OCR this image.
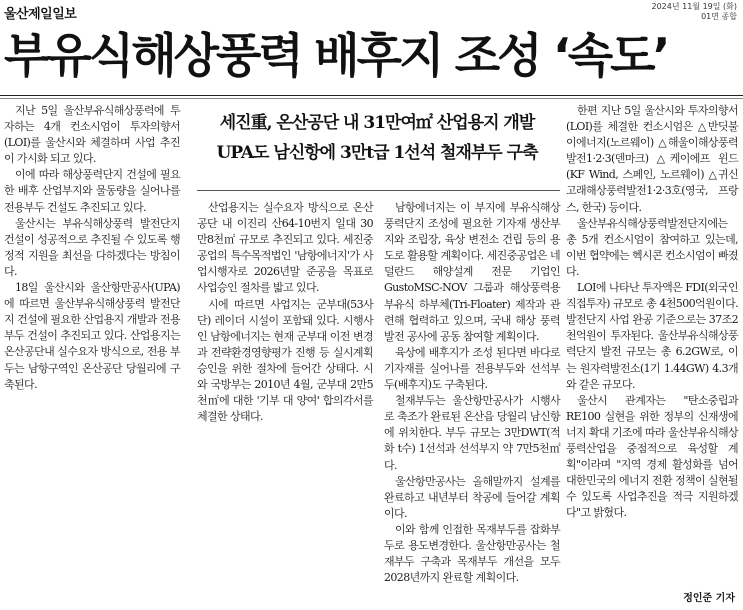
울산제일일보
2024년 11월 19일 (화)
01면 종합
부유식해상풍력 배후지 조성 ‘속도’

지난 5일 울산부유식해상풍력에 투자하는 4개 컨소시엄이 투자의향서(LOI)를 울산시와 체결하며 사업 추진이 가시화 되고 있다.

이에 따라 해상풍력단지 건설에 필요한 배후 산업부지와 물동량을 실어나를 전용부두 건설도 추진되고 있다.

울산시는 부유식해상풍력 발전단지 건설이 성공적으로 추진될 수 있도록 행정적 지원을 최선을 다하겠다는 방침이다.

18일 울산시와 울산항만공사(UPA)에 따르면 울산부유식해상풍력 발전단지 건설에 필요한 산업용지 개발과 전용 부두 건설이 추진되고 있다. 산업용지는 온산공단내 실수요자 방식으로, 전용 부두는 남항구역인 온산공단 당월리에 구축된다.

세진重, 온산공단 내 31만여㎡ 산업용지 개발
UPA도 남신항에 3만t급 1선석 철재부두 구축

산업용지는 실수요자 방식으로 온산공단 내 이진리 산64-10번지 일대 30만8천㎡ 규모로 추진되고 있다. 세진중공업의 특수목적법인 '남항에너지'가 사업시행자로 2026년말 준공을 목표로 사업승인 절차를 밟고 있다.

시에 따르면 사업지는 군부대(53사단) 레이더 시설이 포함돼 있다. 시행사인 남항에너지는 현재 군부대 이전 변경과 전략환경영향평가 진행 등 실시계획 승인을 위한 절차에 들어간 상태다. 시와 국방부는 2010년 4월, 군부대 2만5천㎡에 대한 '기부 대 양여' 합의각서를 체결한 상태다.

남항에너지는 이 부지에 부유식해상풍력단지 조성에 필요한 기자재 생산부지와 조립장, 육상 변전소 건립 등의 용도로 활용할 계획이다. 세진중공업은 네덜란드 해양설계 전문 기업인 GustoMSC-NOV 그룹과 해상풍력용 부유식 하부체(Tri-Floater) 제작과 관련해 협력하고 있으며, 국내 해상 풍력 발전 공사에 공동 참여할 계획이다.

육상에 배후지가 조성 된다면 바다로 기자재를 실어나를 전용부두와 선석부두(배후지)도 구축된다.

철재부두는 울산항만공사가 시행사로 축조가 완료된 온산읍 당월리 남신항에 위치한다. 부두 규모는 3만DWT(적화 t수) 1선석과 선석부지 약 7만5천㎡다.

울산항만공사는 올해말까지 설계를 완료하고 내년부터 착공에 들어갈 계획이다.

이와 함께 인접한 목재부두를 잡화부두로 용도변경한다. 울산항만공사는 철재부두 구축과 목재부두 개선을 모두 2028년까지 완료할 계획이다.

한편 지난 5일 울산시와 투자의향서(LOI)를 체결한 컨소시엄은 △반딧불이에너지(노르웨이) △해울이해상풍력발전1·2·3(덴마크) △케이에프 윈드(KF Wind, 스페인, 노르웨이) △귀신고래해상풍력발전1·2·3호(영국, 프랑스, 한국) 등이다.

울산부유식해상풍력발전단지에는 총 5개 컨소시엄이 참여하고 있는데, 이번 협약에는 헥시콘 컨소시엄이 빠졌다.

LOI에 나타난 투자액은 FDI(외국인 직접투자) 규모로 총 4천500억원이다. 발전단지 사업 완공 기준으로는 37조2천억원이 투자된다. 울산부유식해상풍력단지 발전 규모는 총 6.2GW로, 이는 원자력발전소(1기 1.44GW) 4.3개와 같은 규모다.

울산시 관계자는 "탄소중립과 RE100 실현을 위한 정부의 신재생에너지 확대 기조에 따라 울산부유식해상풍력산업을 중점적으로 육성할 계획"이라며 "지역 경제 활성화를 넘어 대한민국의 에너지 전환 정책이 실현될 수 있도록 사업추진을 적극 지원하겠다"고 밝혔다.

정인준 기자
